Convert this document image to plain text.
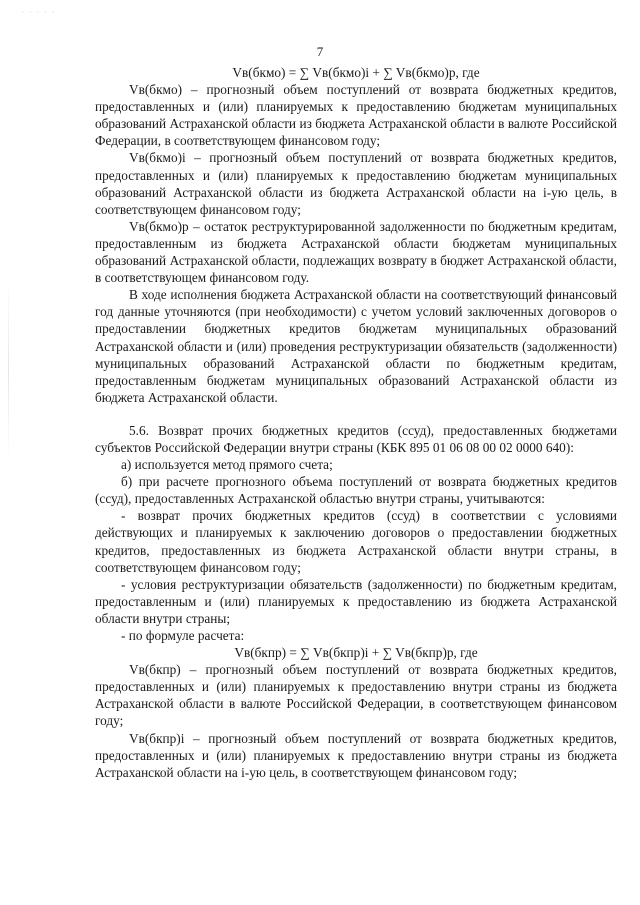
· · · · ·
7

Vв(бкмо) = ∑ Vв(бкмо)i + ∑ Vв(бкмо)р, где

Vв(бкмо) – прогнозный объем поступлений от возврата бюджетных кредитов, предоставленных и (или) планируемых к предоставлению бюджетам муниципальных образований Астраханской области из бюджета Астраханской области в валюте Российской Федерации, в соответствующем финансовом году;

Vв(бкмо)i – прогнозный объем поступлений от возврата бюджетных кредитов, предоставленных и (или) планируемых к предоставлению бюджетам муниципальных образований Астраханской области из бюджета Астраханской области на i-ую цель, в соответствующем финансовом году;

Vв(бкмо)р – остаток реструктурированной задолженности по бюджетным кредитам, предоставленным из бюджета Астраханской области бюджетам муниципальных образований Астраханской области, подлежащих возврату в бюджет Астраханской области, в соответствующем финансовом году.

В ходе исполнения бюджета Астраханской области на соответствующий финансовый год данные уточняются (при необходимости) с учетом условий заключенных договоров о предоставлении бюджетных кредитов бюджетам муниципальных образований Астраханской области и (или) проведения реструктуризации обязательств (задолженности) муниципальных образований Астраханской области по бюджетным кредитам, предоставленным бюджетам муниципальных образований Астраханской области из бюджета Астраханской области.

5.6. Возврат прочих бюджетных кредитов (ссуд), предоставленных бюджетами субъектов Российской Федерации внутри страны (КБК 895 01 06 08 00 02 0000 640):

а) используется метод прямого счета;

б) при расчете прогнозного объема поступлений от возврата бюджетных кредитов (ссуд), предоставленных Астраханской областью внутри страны, учитываются:

- возврат прочих бюджетных кредитов (ссуд) в соответствии с условиями действующих и планируемых к заключению договоров о предоставлении бюджетных кредитов, предоставленных из бюджета Астраханской области внутри страны, в соответствующем финансовом году;

- условия реструктуризации обязательств (задолженности) по бюджетным кредитам, предоставленным и (или) планируемых к предоставлению из бюджета Астраханской области внутри страны;

- по формуле расчета:

Vв(бкпр) = ∑ Vв(бкпр)i + ∑ Vв(бкпр)р, где

Vв(бкпр) – прогнозный объем поступлений от возврата бюджетных кредитов, предоставленных и (или) планируемых к предоставлению внутри страны из бюджета Астраханской области в валюте Российской Федерации, в соответствующем финансовом году;

Vв(бкпр)i – прогнозный объем поступлений от возврата бюджетных кредитов, предоставленных и (или) планируемых к предоставлению внутри страны из бюджета Астраханской области на i-ую цель, в соответствующем финансовом году;
